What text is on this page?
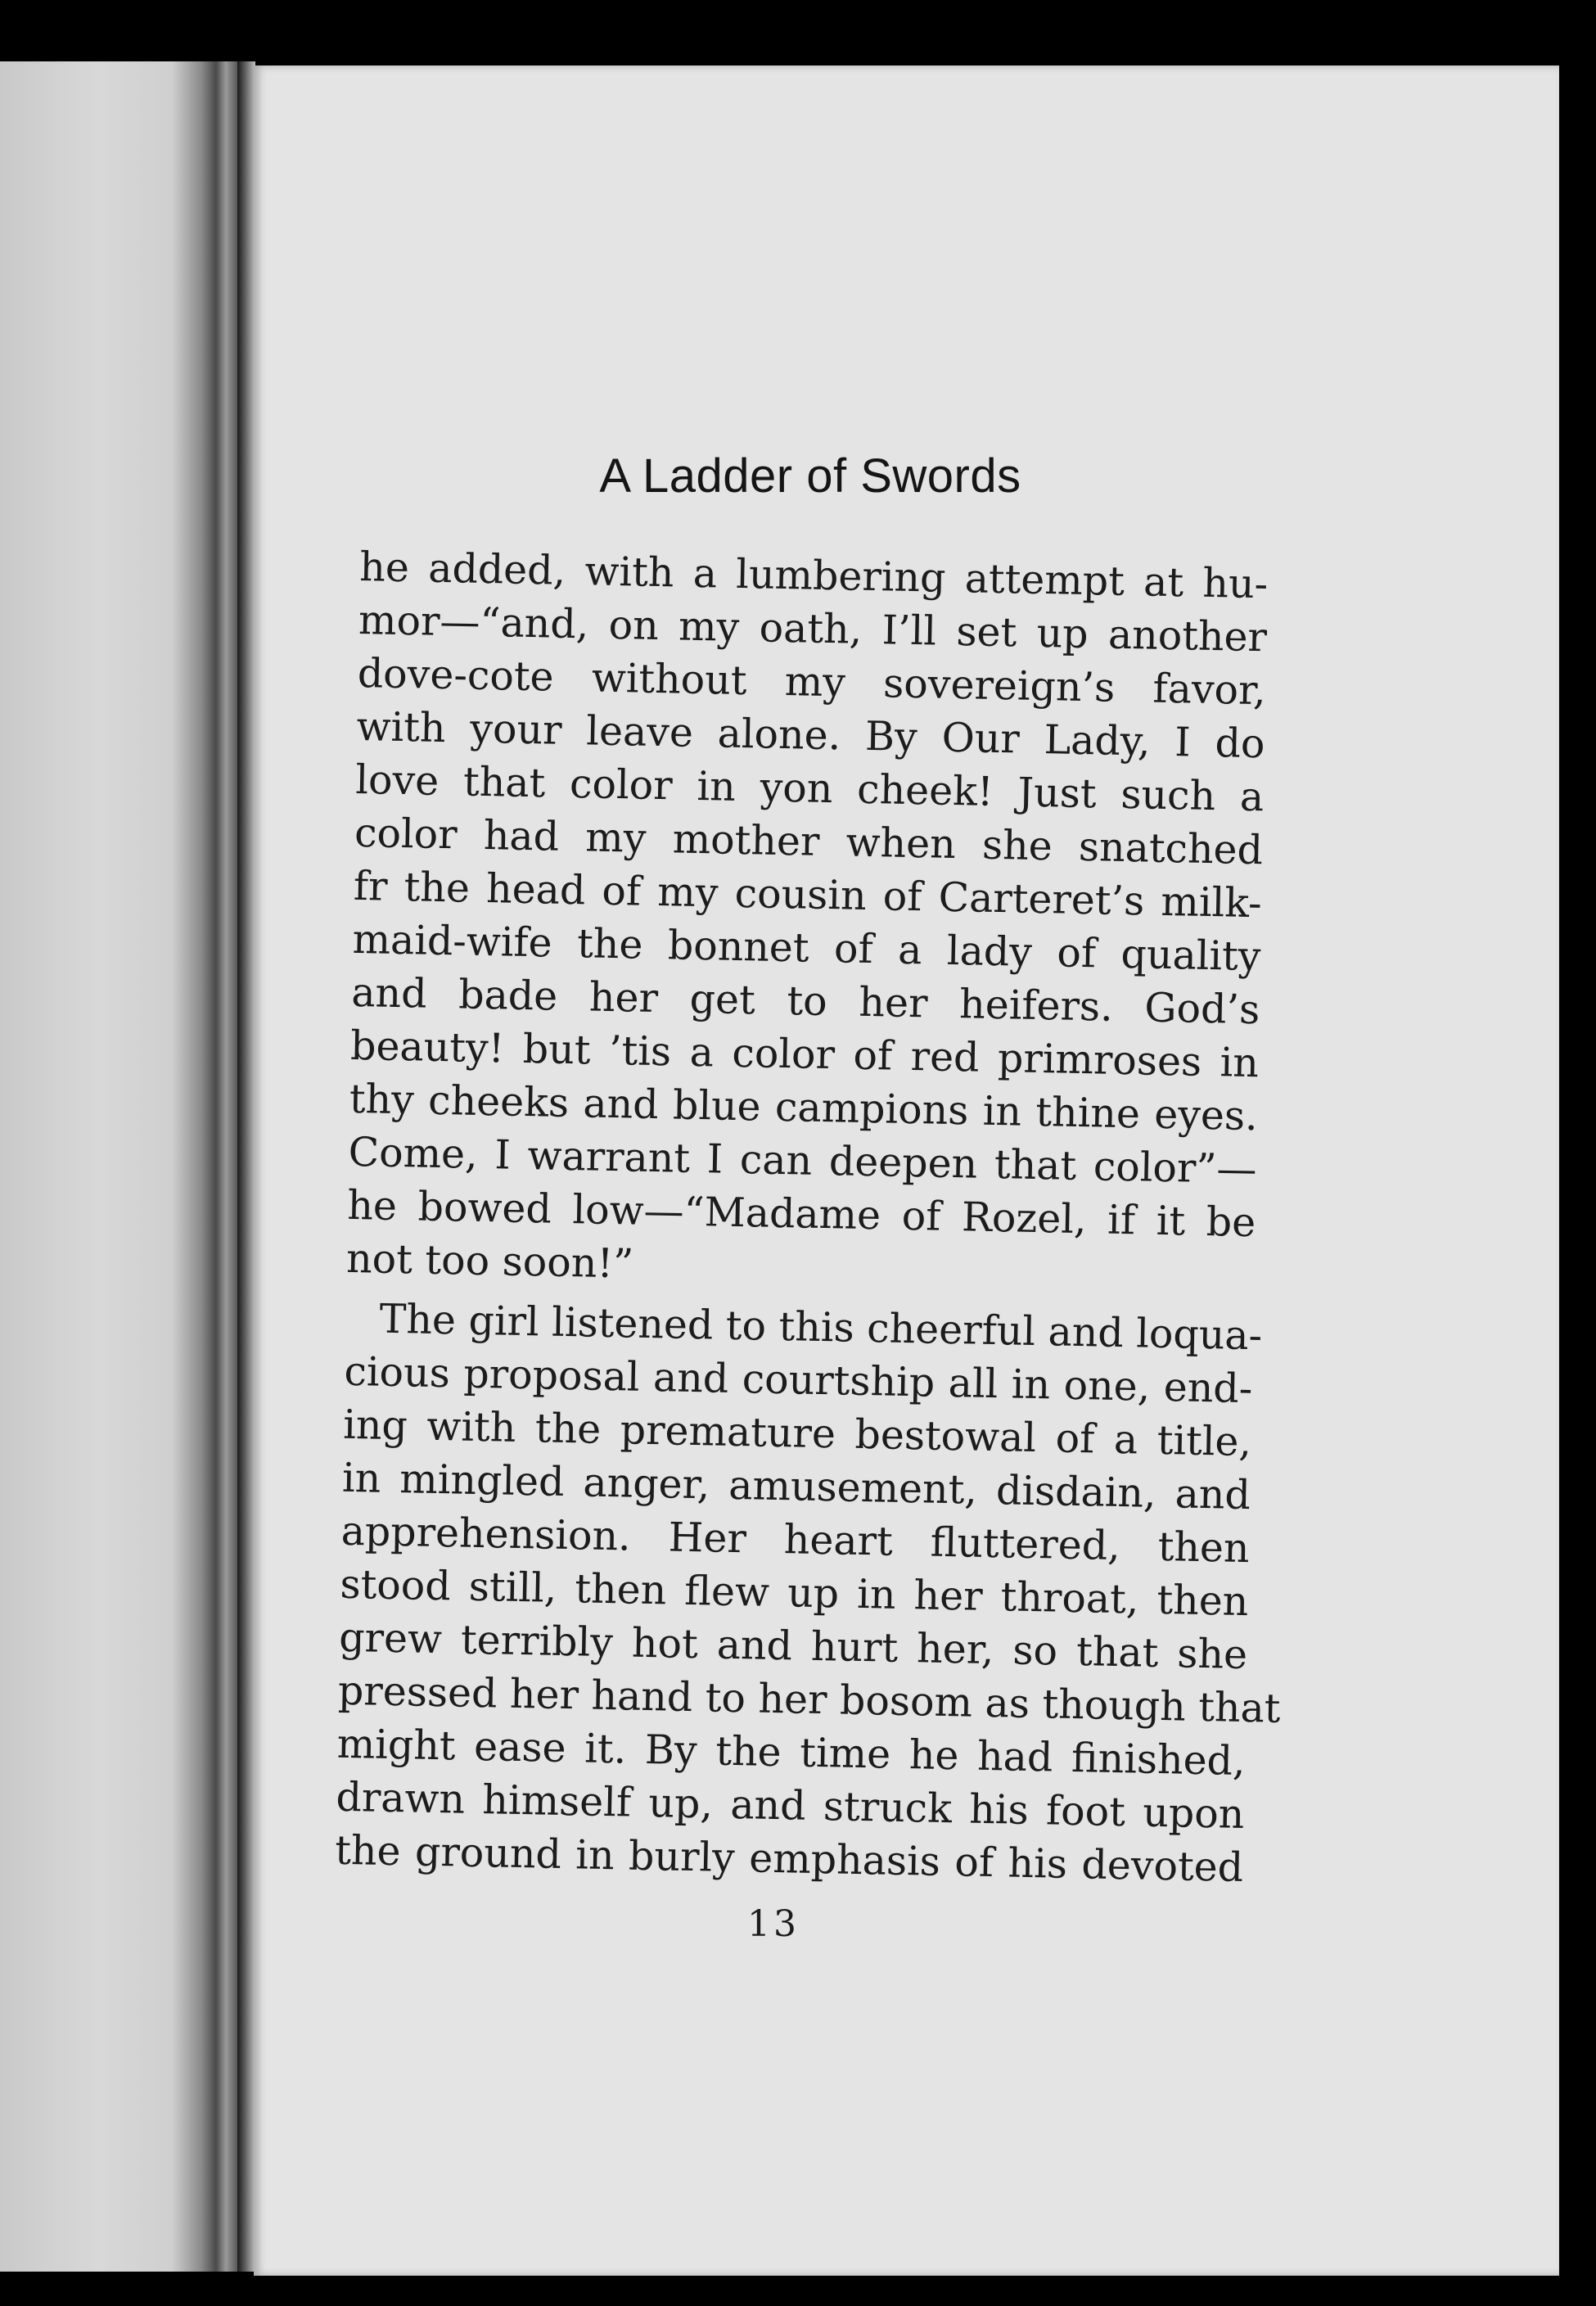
A Ladder of Swords
he added, with a lumbering attempt at hu-
mor—“and, on my oath, I’ll set up another
dove-cote without my sovereign’s favor,
with your leave alone. By Our Lady, I do
love that color in yon cheek! Just such a
color had my mother when she snatched
fr the head of my cousin of Carteret’s milk-
maid-wife the bonnet of a lady of quality
and bade her get to her heifers. God’s
beauty! but ’tis a color of red primroses in
thy cheeks and blue campions in thine eyes.
Come, I warrant I can deepen that color”—
he bowed low—“Madame of Rozel, if it be
not too soon!”
The girl listened to this cheerful and loqua-
cious proposal and courtship all in one, end-
ing with the premature bestowal of a title,
in mingled anger, amusement, disdain, and
apprehension. Her heart fluttered, then
stood still, then flew up in her throat, then
grew terribly hot and hurt her, so that she
pressed her hand to her bosom as though that
might ease it. By the time he had finished,
drawn himself up, and struck his foot upon
the ground in burly emphasis of his devoted
13
